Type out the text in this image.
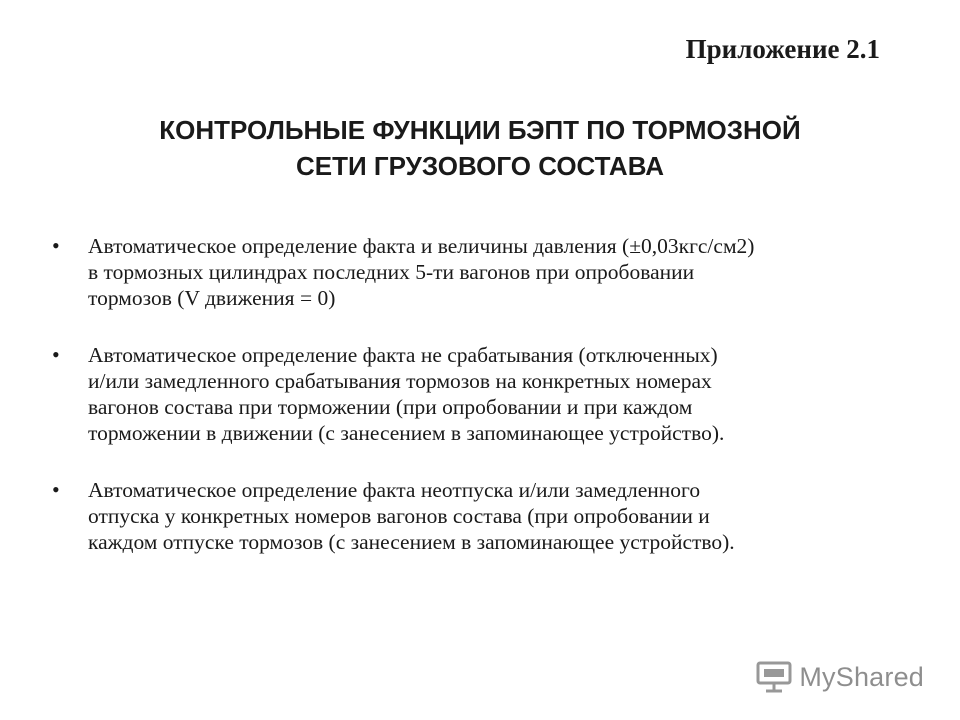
Приложение 2.1
КОНТРОЛЬНЫЕ ФУНКЦИИ БЭПТ ПО ТОРМОЗНОЙ
СЕТИ ГРУЗОВОГО СОСТАВА
•	Автоматическое определение факта и величины давления (±0,03кгс/см2)
в тормозных цилиндрах последних 5-ти вагонов при опробовании
тормозов (V движения = 0)
•	Автоматическое определение факта не срабатывания (отключенных)
и/или замедленного срабатывания тормозов на конкретных номерах
вагонов состава при торможении (при опробовании и при каждом
торможении в движении (с занесением в запоминающее устройство).
•	Автоматическое определение факта неотпуска и/или замедленного
отпуска у конкретных номеров вагонов состава (при опробовании и
каждом отпуске тормозов (с занесением в запоминающее устройство).
MyShared
